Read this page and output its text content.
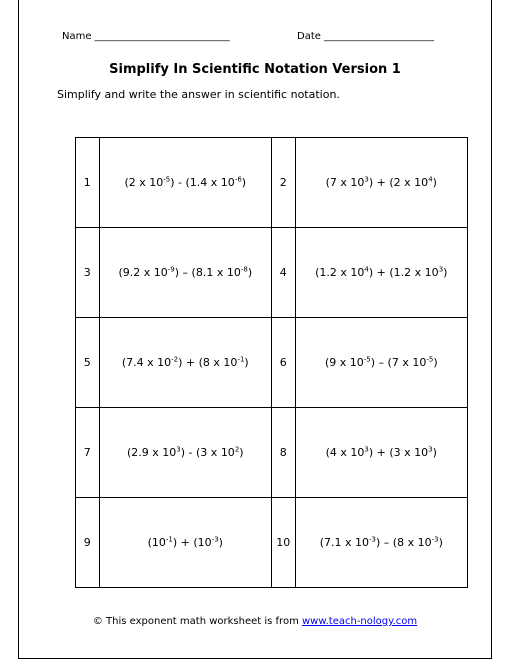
Name ___________________________	Date ______________________
Simplify In Scientific Notation Version 1
Simplify and write the answer in scientific notation.
1	(2 x $10^{-5}) - (1.4$ x $10^{-6}$)	2	(7 x $10^3) + (2$ x $10^4$)
3	(9.2 x $10^{-9}) - (8.1$ x $10^{-8}$)	4	(1.2 x $10^4) + (1.2$ x $10^3$)
5	(7.4 x $10^{-2}) + (8$ x $10^{-1}$)	6	(9 x $10^{-5}) - (7$ x $10^{-5}$)
7	(2.9 x $10^3) - (3$ x $10^2$)	8	(4 x $10^3) + (3$ x $10^3$)
9	$(10^{-1}) + (10^{-3})$	10	(7.1 x $10^{-3}) - (8$ x $10^{-3}$)
© This exponent math worksheet is from www.teach-nology.com
